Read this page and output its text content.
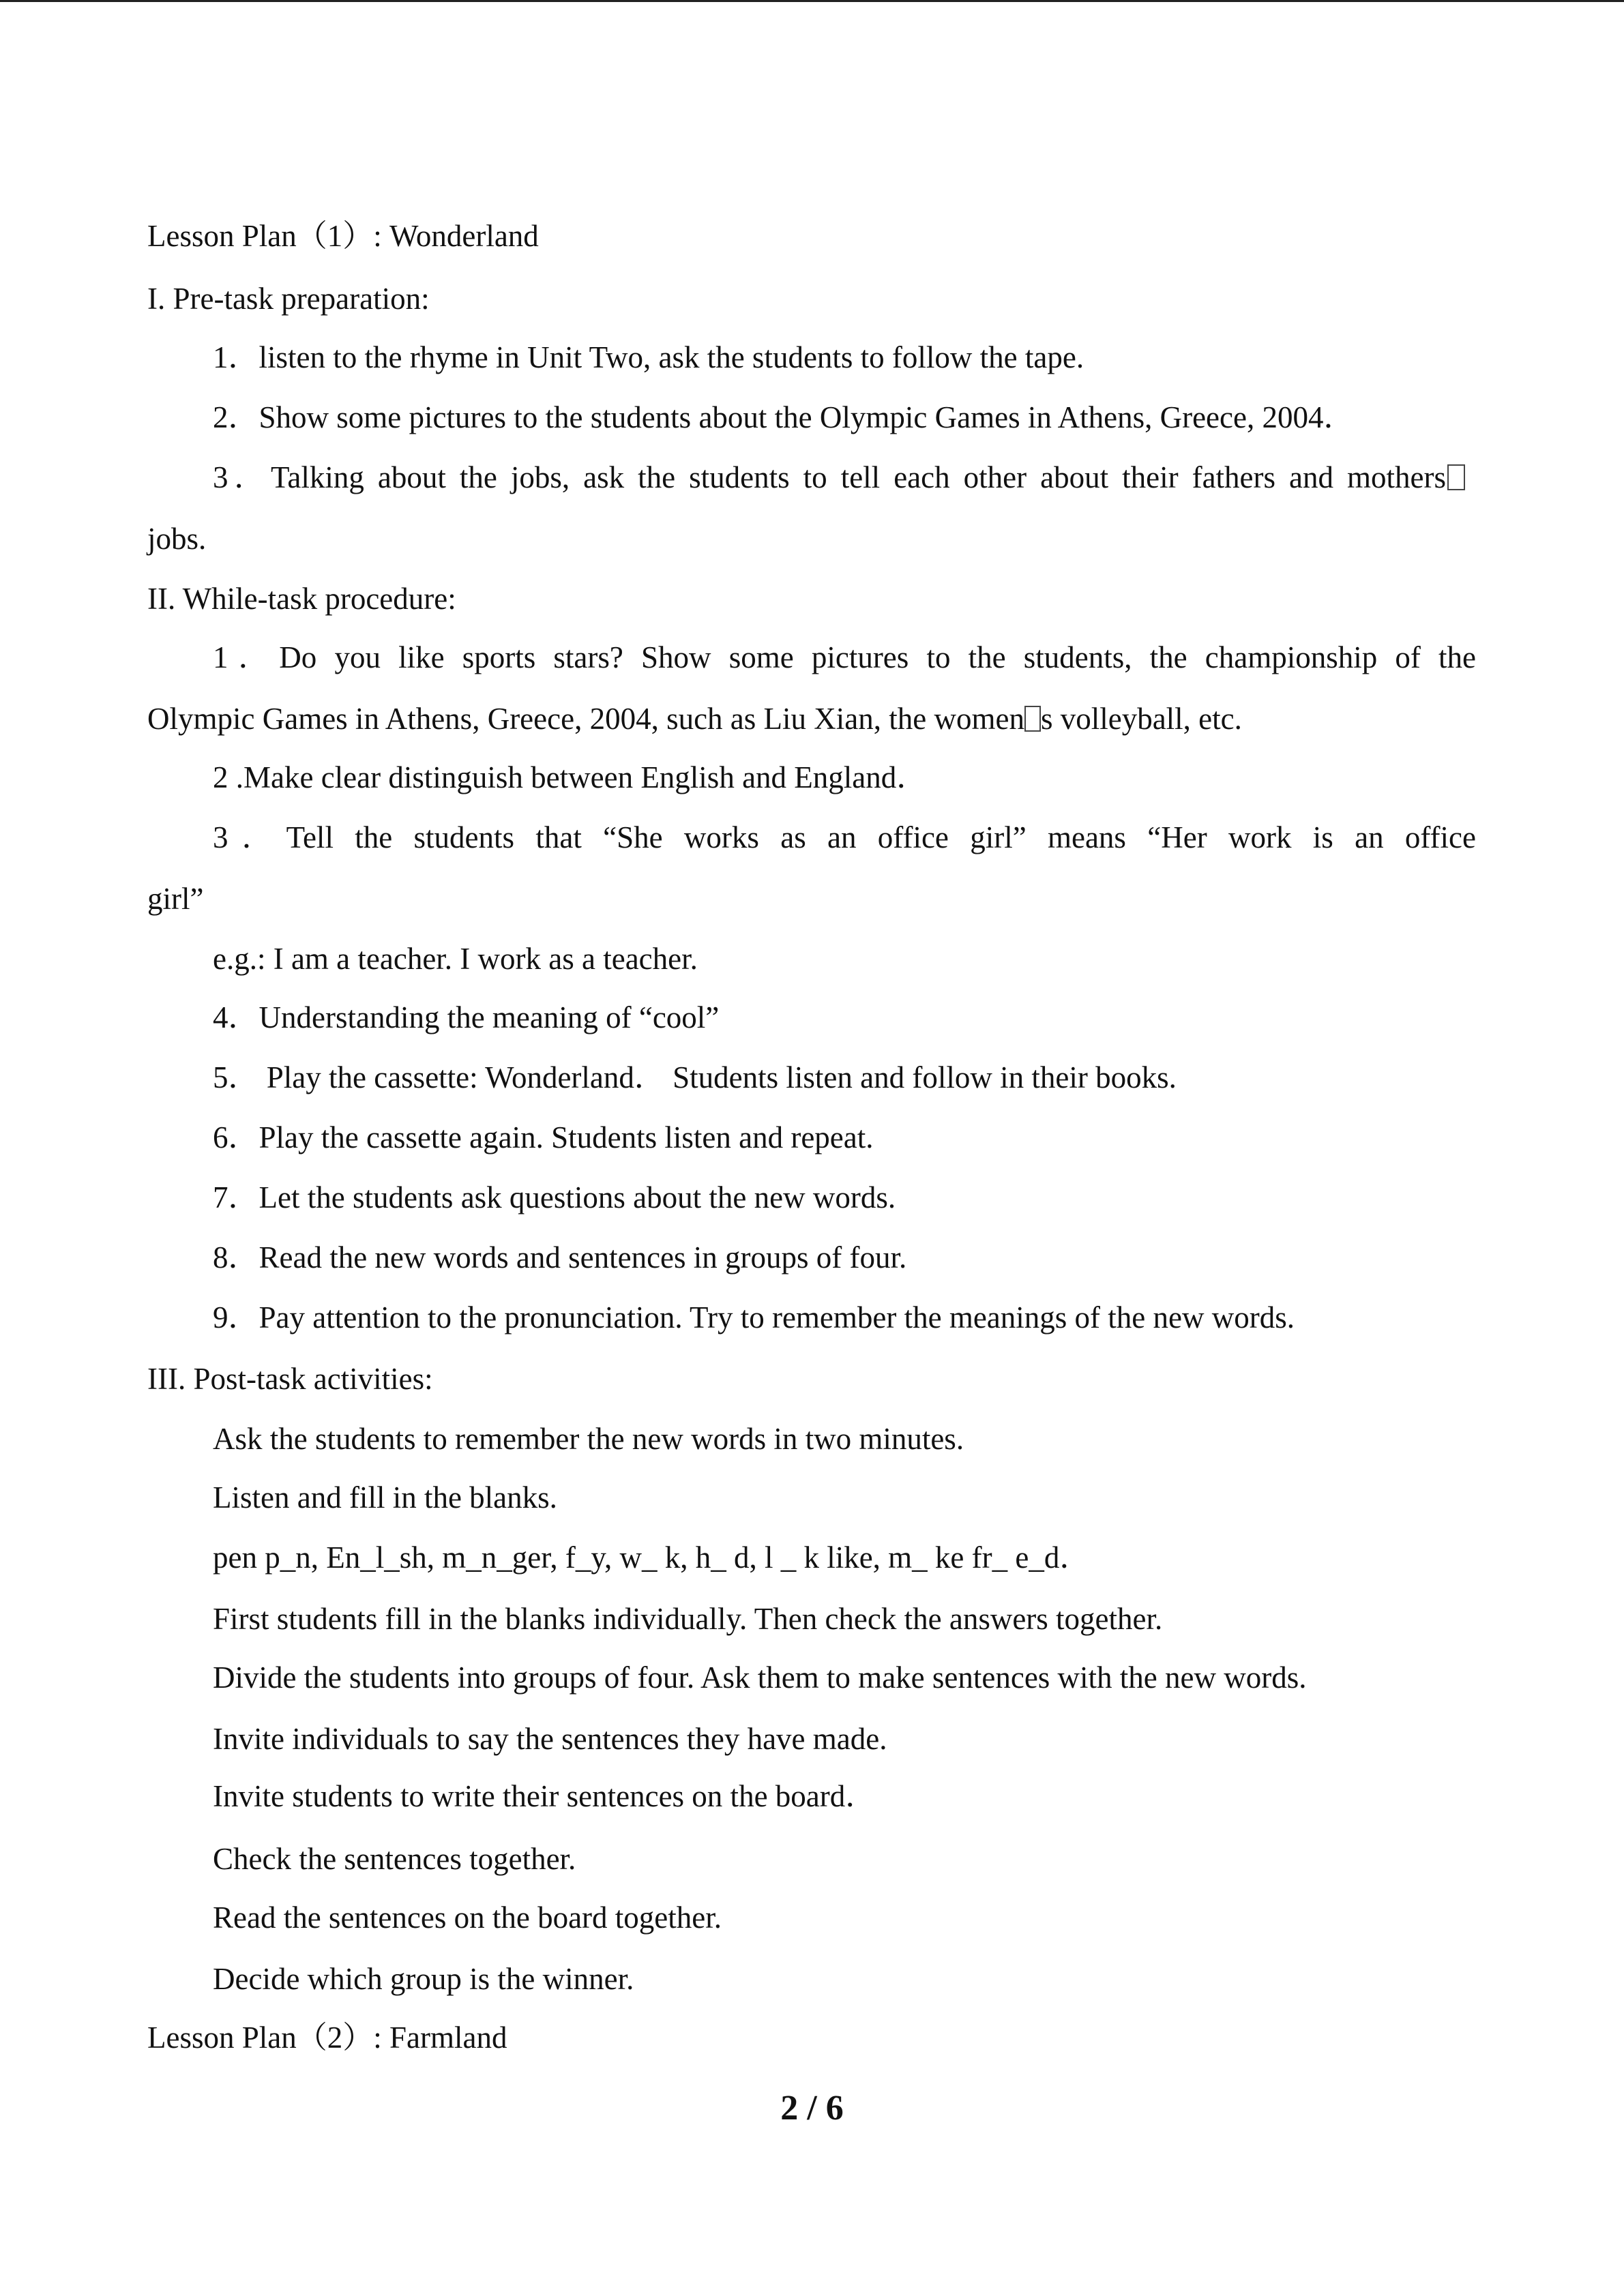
Lesson Plan（1）: Wonderland
I. Pre-task preparation:
1．listen to the rhyme in Unit Two, ask the students to follow the tape.
2．Show some pictures to the students about the Olympic Games in Athens, Greece, 2004．
3．Talking about the jobs, ask the students to tell each other about their fathers and mothers
jobs.
II. While-task procedure:
1．Do you like sports stars? Show some pictures to the students, the championship of the
Olympic Games in Athens, Greece, 2004, such as Liu Xian, the women s volleyball, etc.
2 .Make clear distinguish between English and England．
3．Tell the students that “She works as an office girl” means “Her work is an office
girl”
e.g.: I am a teacher. I work as a teacher.
4．Understanding the meaning of “cool”
5． Play the cassette: Wonderland． Students listen and follow in their books.
6．Play the cassette again. Students listen and repeat.
7．Let the students ask questions about the new words.
8．Read the new words and sentences in groups of four.
9．Pay attention to the pronunciation. Try to remember the meanings of the new words.
III. Post-task activities:
Ask the students to remember the new words in two minutes.
Listen and fill in the blanks.
pen p_n, En_l_sh, m_n_ger, f_y, w_ k, h_ d, l _ k like, m_ ke fr_ e_d．
First students fill in the blanks individually. Then check the answers together.
Divide the students into groups of four. Ask them to make sentences with the new words.
Invite individuals to say the sentences they have made.
Invite students to write their sentences on the board．
Check the sentences together.
Read the sentences on the board together.
Decide which group is the winner.
Lesson Plan（2）: Farmland
2 / 6
